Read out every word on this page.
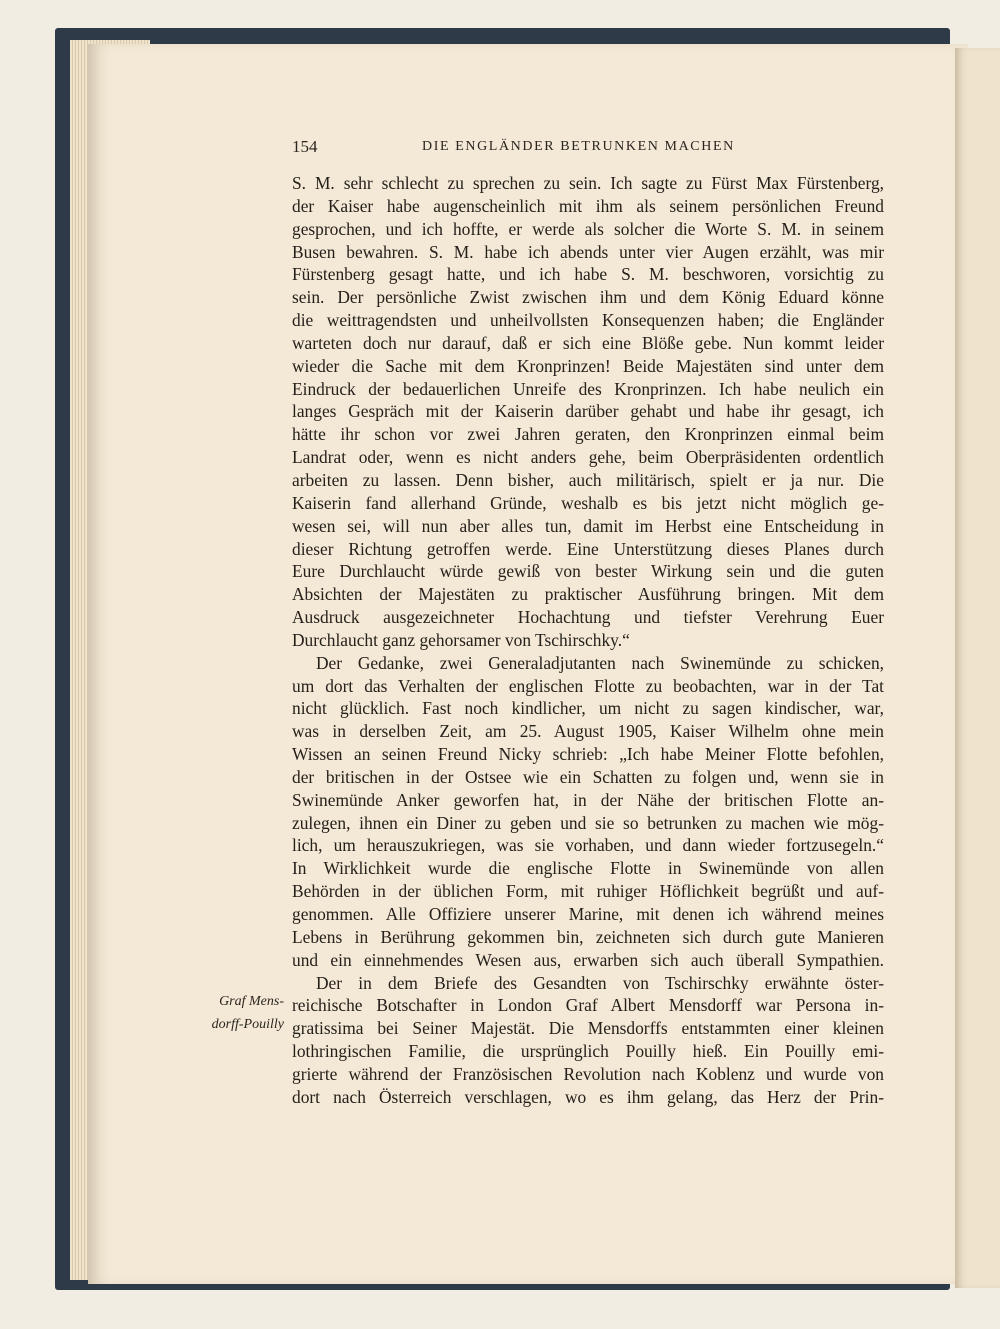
154	DIE ENGLÄNDER BETRUNKEN MACHEN
Graf Mens-
dorff-Pouilly
S. M. sehr schlecht zu sprechen zu sein. Ich sagte zu Fürst Max Fürstenberg,
der Kaiser habe augenscheinlich mit ihm als seinem persönlichen Freund
gesprochen, und ich hoffte, er werde als solcher die Worte S. M. in seinem
Busen bewahren. S. M. habe ich abends unter vier Augen erzählt, was mir
Fürstenberg gesagt hatte, und ich habe S. M. beschworen, vorsichtig zu
sein. Der persönliche Zwist zwischen ihm und dem König Eduard könne
die weittragendsten und unheilvollsten Konsequenzen haben; die Engländer
warteten doch nur darauf, daß er sich eine Blöße gebe. Nun kommt leider
wieder die Sache mit dem Kronprinzen! Beide Majestäten sind unter dem
Eindruck der bedauerlichen Unreife des Kronprinzen. Ich habe neulich ein
langes Gespräch mit der Kaiserin darüber gehabt und habe ihr gesagt, ich
hätte ihr schon vor zwei Jahren geraten, den Kronprinzen einmal beim
Landrat oder, wenn es nicht anders gehe, beim Oberpräsidenten ordentlich
arbeiten zu lassen. Denn bisher, auch militärisch, spielt er ja nur. Die
Kaiserin fand allerhand Gründe, weshalb es bis jetzt nicht möglich ge-
wesen sei, will nun aber alles tun, damit im Herbst eine Entscheidung in
dieser Richtung getroffen werde. Eine Unterstützung dieses Planes durch
Eure Durchlaucht würde gewiß von bester Wirkung sein und die guten
Absichten der Majestäten zu praktischer Ausführung bringen. Mit dem
Ausdruck ausgezeichneter Hochachtung und tiefster Verehrung Euer
Durchlaucht ganz gehorsamer von Tschirschky.“
Der Gedanke, zwei Generaladjutanten nach Swinemünde zu schicken,
um dort das Verhalten der englischen Flotte zu beobachten, war in der Tat
nicht glücklich. Fast noch kindlicher, um nicht zu sagen kindischer, war,
was in derselben Zeit, am 25. August 1905, Kaiser Wilhelm ohne mein
Wissen an seinen Freund Nicky schrieb: „Ich habe Meiner Flotte befohlen,
der britischen in der Ostsee wie ein Schatten zu folgen und, wenn sie in
Swinemünde Anker geworfen hat, in der Nähe der britischen Flotte an-
zulegen, ihnen ein Diner zu geben und sie so betrunken zu machen wie mög-
lich, um herauszukriegen, was sie vorhaben, und dann wieder fortzusegeln.“
In Wirklichkeit wurde die englische Flotte in Swinemünde von allen
Behörden in der üblichen Form, mit ruhiger Höflichkeit begrüßt und auf-
genommen. Alle Offiziere unserer Marine, mit denen ich während meines
Lebens in Berührung gekommen bin, zeichneten sich durch gute Manieren
und ein einnehmendes Wesen aus, erwarben sich auch überall Sympathien.
Der in dem Briefe des Gesandten von Tschirschky erwähnte öster-
reichische Botschafter in London Graf Albert Mensdorff war Persona in-
gratissima bei Seiner Majestät. Die Mensdorffs entstammten einer kleinen
lothringischen Familie, die ursprünglich Pouilly hieß. Ein Pouilly emi-
grierte während der Französischen Revolution nach Koblenz und wurde von
dort nach Österreich verschlagen, wo es ihm gelang, das Herz der Prin-
